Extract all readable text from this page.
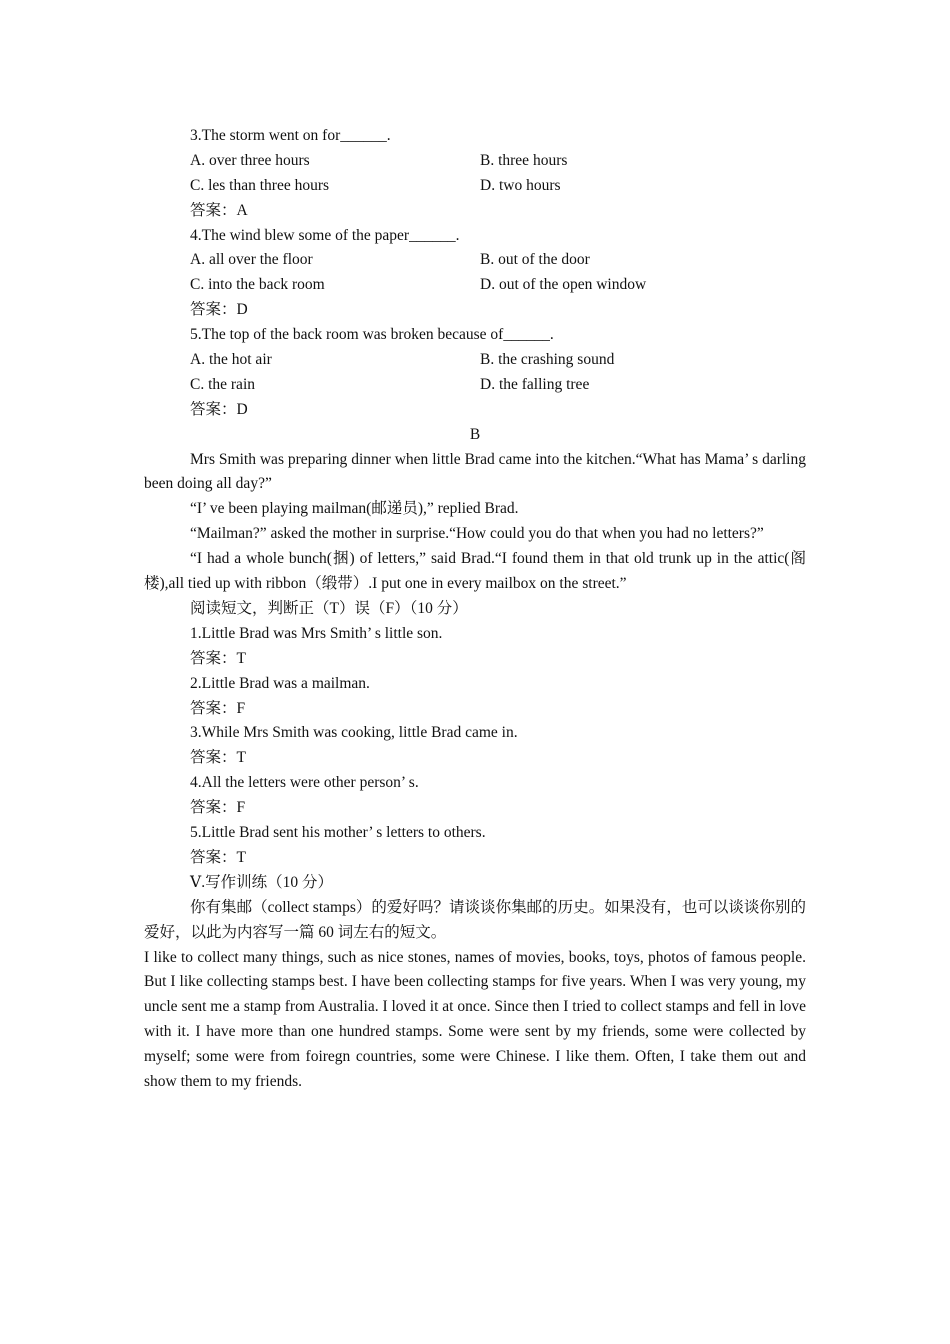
3.The storm went on for______.
A. over three hours	B. three hours
C. les than three hours	D. two hours
答案：A
4.The wind blew some of the paper______.
A. all over the floor	B. out of the door
C. into the back room	D. out of the open window
答案：D
5.The top of the back room was broken because of______.
A. the hot air	B. the crashing sound
C. the rain	D. the falling tree
答案：D
B
Mrs Smith was preparing dinner when little Brad came into the kitchen.“What has Mama’ s darling been doing all day?”
“I’ ve been playing mailman(邮递员),” replied Brad.
“Mailman?” asked the mother in surprise.“How could you do that when you had no letters?”
“I had a whole bunch(捆) of letters,” said Brad.“I found them in that old trunk up in the attic(阁楼),all tied up with ribbon（缎带）.I put one in every mailbox on the street.”
阅读短文，判断正（T）误（F）（10 分）
1.Little Brad was Mrs Smith’ s little son.
答案：T
2.Little Brad was a mailman.
答案：F
3.While Mrs Smith was cooking, little Brad came in.
答案：T
4.All the letters were other person’ s.
答案：F
5.Little Brad sent his mother’ s letters to others.
答案：T
Ⅴ.写作训练（10 分）
你有集邮（collect stamps）的爱好吗？请谈谈你集邮的历史。如果没有，也可以谈谈你别的爱好，以此为内容写一篇 60 词左右的短文。
I like to collect many things, such as nice stones, names of movies, books, toys, photos of famous people. But I like collecting stamps best. I have been collecting stamps for five years. When I was very young, my uncle sent me a stamp from Australia. I loved it at once. Since then I tried to collect stamps and fell in love with it. I have more than one hundred stamps. Some were sent by my friends, some were collected by myself; some were from foiregn countries, some were Chinese. I like them. Often, I take them out and show them to my friends.
